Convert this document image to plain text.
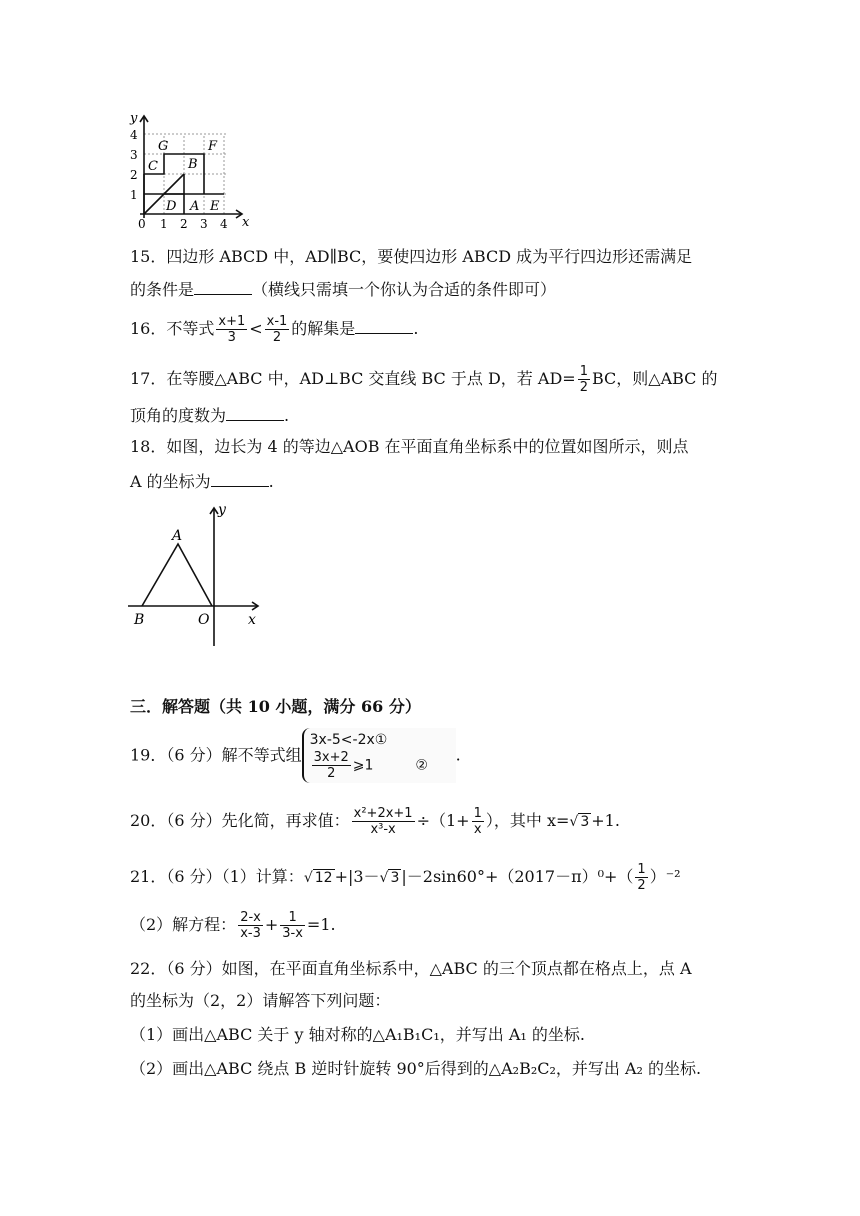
y
x
0 1 2 3 4
1
2
3
4
G	F
C B
D A E
15．四边形 ABCD 中，AD∥BC，要使四边形 ABCD 成为平行四边形还需满足
的条件是	（横线只需填一个你认为合适的条件即可）
16．不等式 $\frac{x+1}{3} < \frac{x-1}{2}$ 的解集是	.
17．在等腰△ABC 中，AD⊥BC 交直线 BC 于点 D，若 $AD= \frac{1}{2}$ BC，则△ABC 的
顶角的度数为	.
18．如图，边长为 4 的等边△AOB 在平面直角坐标系中的位置如图所示，则点
A 的坐标为	.
y
x
A
B	O
三．解答题（共 10 小题，满分 66 分）
19．（6 分）解不等式组
3x-5<-2x①
$\frac{3x+2}{2}$ ⩾1　　　②
.
20．（6 分）先化简，再求值： $\frac{\text{x²+2x+1}}{\text{x³-x}} \div(1+ \frac{1}{x}$ ），其中 x=√ 3 +1.
21．（6 分）（1）计算：√ 12 +|3－√ 3 $|-2\sin 60^\circ+(2017-\pi)^0+( \frac{1}{2} )^{-2}$
（2）解方程： $\frac{2-x}{x-3} + \frac{1}{3-x} =1$.
22．（6 分）如图，在平面直角坐标系中，△ABC 的三个顶点都在格点上，点 A
的坐标为（2，2）请解答下列问题：
（1）画出△ABC 关于 y 轴对称的△A₁B₁C₁，并写出 A₁ 的坐标.
（2）画出△ABC 绕点 B 逆时针旋转 90°后得到的△A₂B₂C₂，并写出 A₂ 的坐标.
